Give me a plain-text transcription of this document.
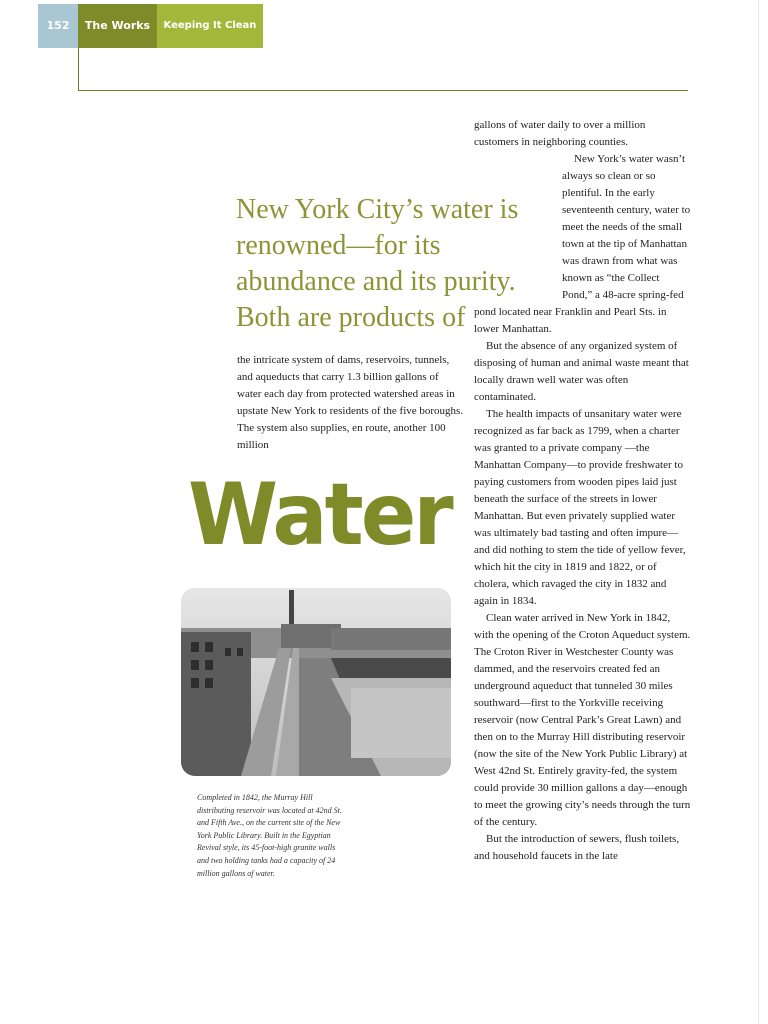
152	The Works	Keeping It Clean
New York City’s water is renowned—for its abundance and its purity. Both are products of
the intricate system of dams, reservoirs, tunnels, and aqueducts that carry 1.3 billion gallons of water each day from protected watershed areas in upstate New York to residents of the five boroughs. The system also supplies, en route, another 100 million
Water
Completed in 1842, the Murray Hill distributing reservoir was located at 42nd St. and Fifth Ave., on the current site of the New York Public Library. Built in the Egyptian Revival style, its 45-foot-high granite walls and two holding tanks had a capacity of 24 million gallons of water.

gallons of water daily to over a million customers in neighboring counties.

New York’s water wasn’t always so clean or so plentiful. In the early seventeenth century, water to meet the needs of the small town at the tip of Manhattan was drawn from what was known as “the Collect Pond,” a 48-acre spring-fed pond located near Franklin and Pearl Sts. in lower Manhattan.

But the absence of any organized system of disposing of human and animal waste meant that locally drawn well water was often contaminated.

The health impacts of unsanitary water were recognized as far back as 1799, when a charter was granted to a private company —the Manhattan Company—to provide freshwater to paying customers from wooden pipes laid just beneath the surface of the streets in lower Manhattan. But even privately supplied water was ultimately bad tasting and often impure—and did nothing to stem the tide of yellow fever, which hit the city in 1819 and 1822, or of cholera, which ravaged the city in 1832 and again in 1834.

Clean water arrived in New York in 1842, with the opening of the Croton Aqueduct system. The Croton River in Westchester County was dammed, and the reservoirs created fed an underground aqueduct that tunneled 30 miles southward—first to the Yorkville receiving reservoir (now Central Park’s Great Lawn) and then on to the Murray Hill distributing reservoir (now the site of the New York Public Library) at West 42nd St. Entirely gravity-fed, the system could provide 30 million gallons a day—enough to meet the growing city’s needs through the turn of the century.

But the introduction of sewers, flush toilets, and household faucets in the late
